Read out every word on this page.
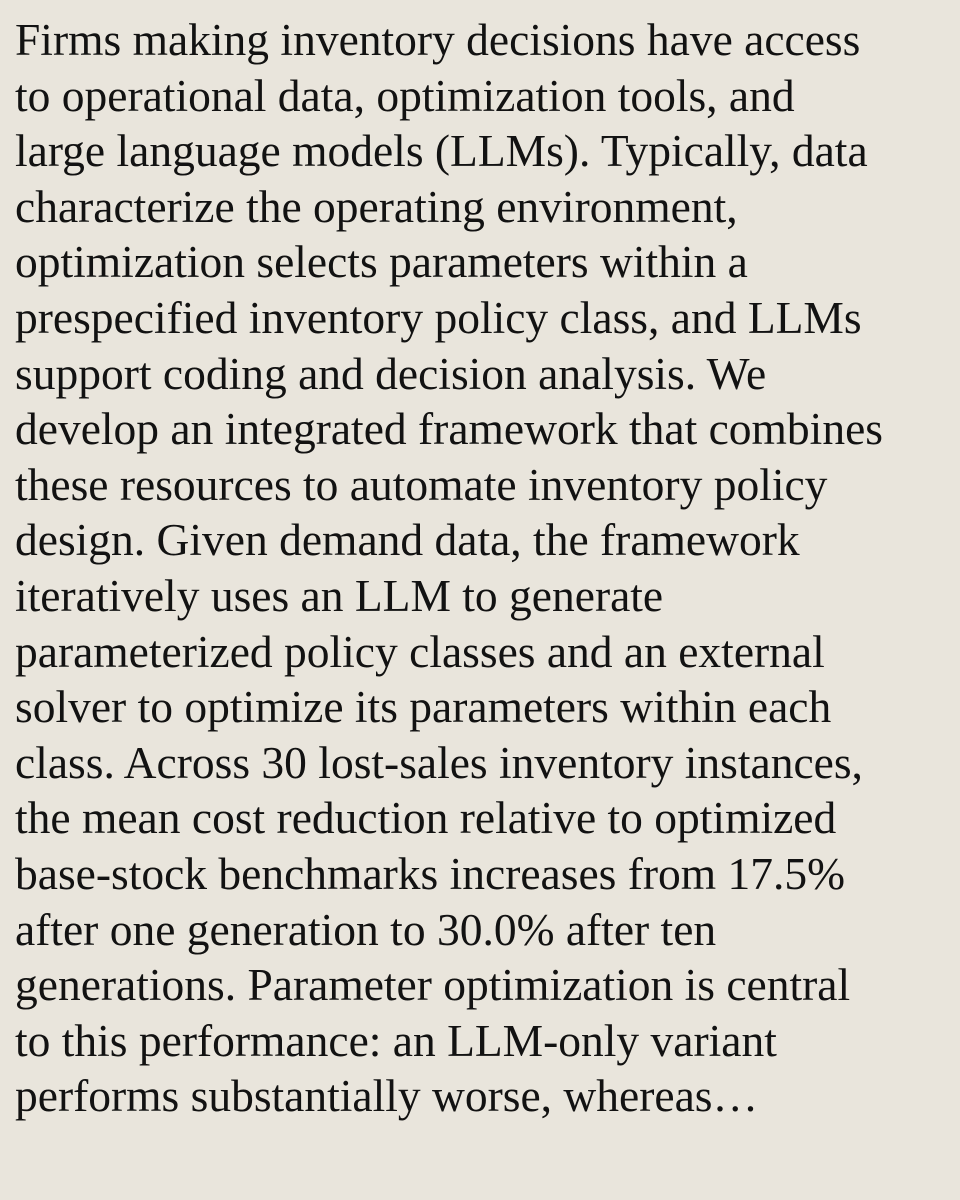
Firms making inventory decisions have access
to operational data, optimization tools, and
large language models (LLMs). Typically, data
characterize the operating environment,
optimization selects parameters within a
prespecified inventory policy class, and LLMs
support coding and decision analysis. We
develop an integrated framework that combines
these resources to automate inventory policy
design. Given demand data, the framework
iteratively uses an LLM to generate
parameterized policy classes and an external
solver to optimize its parameters within each
class. Across 30 lost-sales inventory instances,
the mean cost reduction relative to optimized
base-stock benchmarks increases from 17.5%
after one generation to 30.0% after ten
generations. Parameter optimization is central
to this performance: an LLM-only variant
performs substantially worse, whereas…
